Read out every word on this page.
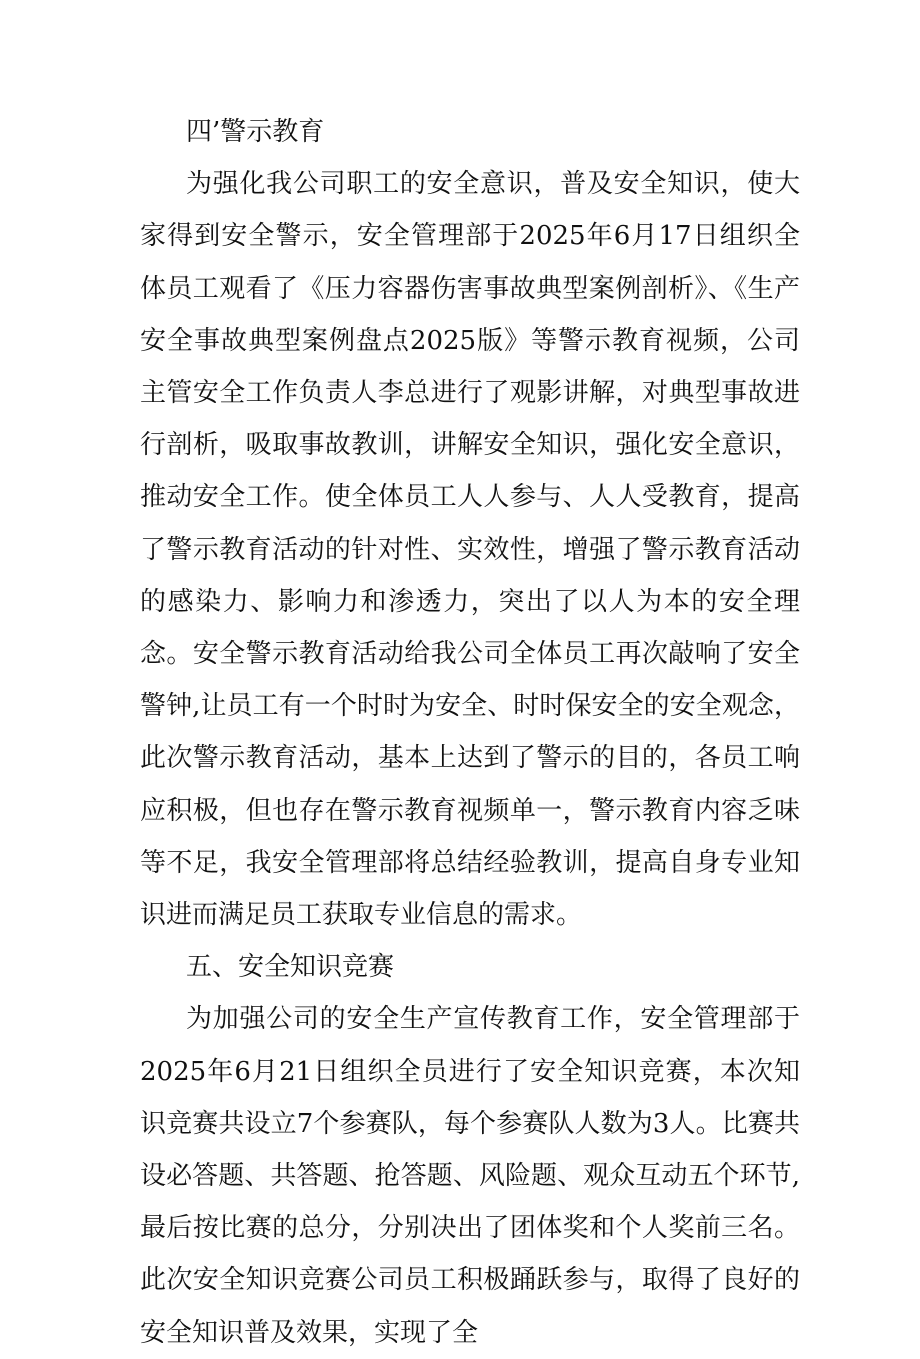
四’警示教育

为强化我公司职工的安全意识，普及安全知识，使大家得到安全警示，安全管理部于2025年6月17日组织全体员工观看了《压力容器伤害事故典型案例剖析》、《生产安全事故典型案例盘点2025版》等警示教育视频，公司主管安全工作负责人李总进行了观影讲解，对典型事故进行剖析，吸取事故教训，讲解安全知识，强化安全意识，推动安全工作。使全体员工人人参与、人人受教育，提高了警示教育活动的针对性、实效性，增强了警示教育活动的感染力、影响力和渗透力，突出了以人为本的安全理念。安全警示教育活动给我公司全体员工再次敲响了安全警钟,让员工有一个时时为安全、时时保安全的安全观念，此次警示教育活动，基本上达到了警示的目的，各员工响应积极，但也存在警示教育视频单一，警示教育内容乏味等不足，我安全管理部将总结经验教训，提高自身专业知识进而满足员工获取专业信息的需求。

五、安全知识竞赛

为加强公司的安全生产宣传教育工作，安全管理部于2025年6月21日组织全员进行了安全知识竞赛，本次知识竞赛共设立7个参赛队，每个参赛队人数为3人。比赛共设必答题、共答题、抢答题、风险题、观众互动五个环节,最后按比赛的总分，分别决出了团体奖和个人奖前三名。此次安全知识竞赛公司员工积极踊跃参与，取得了良好的安全知识普及效果，实现了全
